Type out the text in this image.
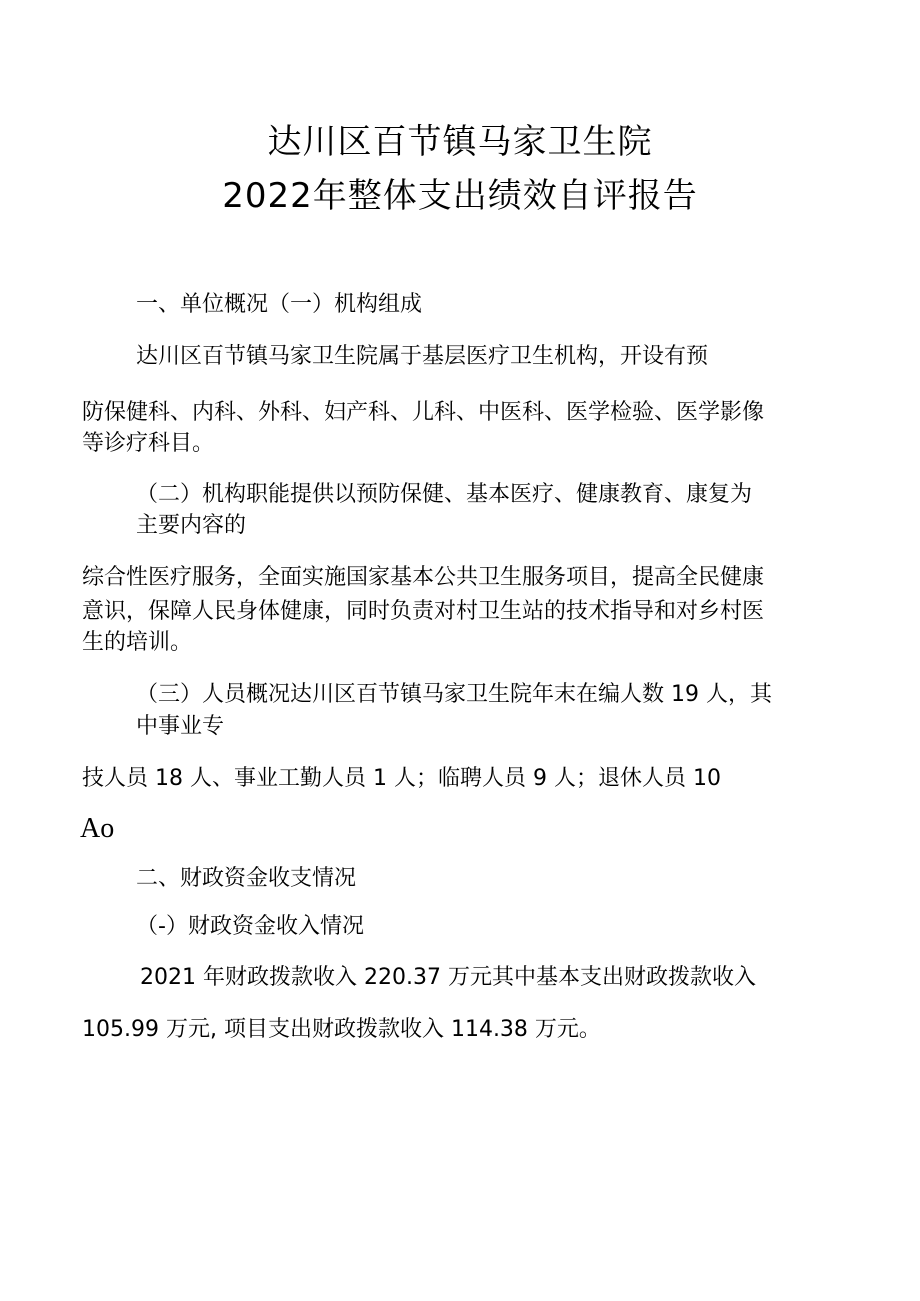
达川区百节镇马家卫生院
2022年整体支出绩效自评报告
一、单位概况（一）机构组成
达川区百节镇马家卫生院属于基层医疗卫生机构，开设有预
防保健科、内科、外科、妇产科、儿科、中医科、医学检验、医学影像
等诊疗科目。
（二）机构职能提供以预防保健、基本医疗、健康教育、康复为
主要内容的
综合性医疗服务，全面实施国家基本公共卫生服务项目，提高全民健康
意识，保障人民身体健康，同时负责对村卫生站的技术指导和对乡村医
生的培训。
（三）人员概况达川区百节镇马家卫生院年末在编人数 19 人，其
中事业专
技人员 18 人、事业工勤人员 1 人；临聘人员 9 人；退休人员 10
Ao
二、财政资金收支情况
（-）财政资金收入情况
2021 年财政拨款收入 220.37 万元其中基本支出财政拨款收入
105.99 万元, 项目支出财政拨款收入 114.38 万元。
